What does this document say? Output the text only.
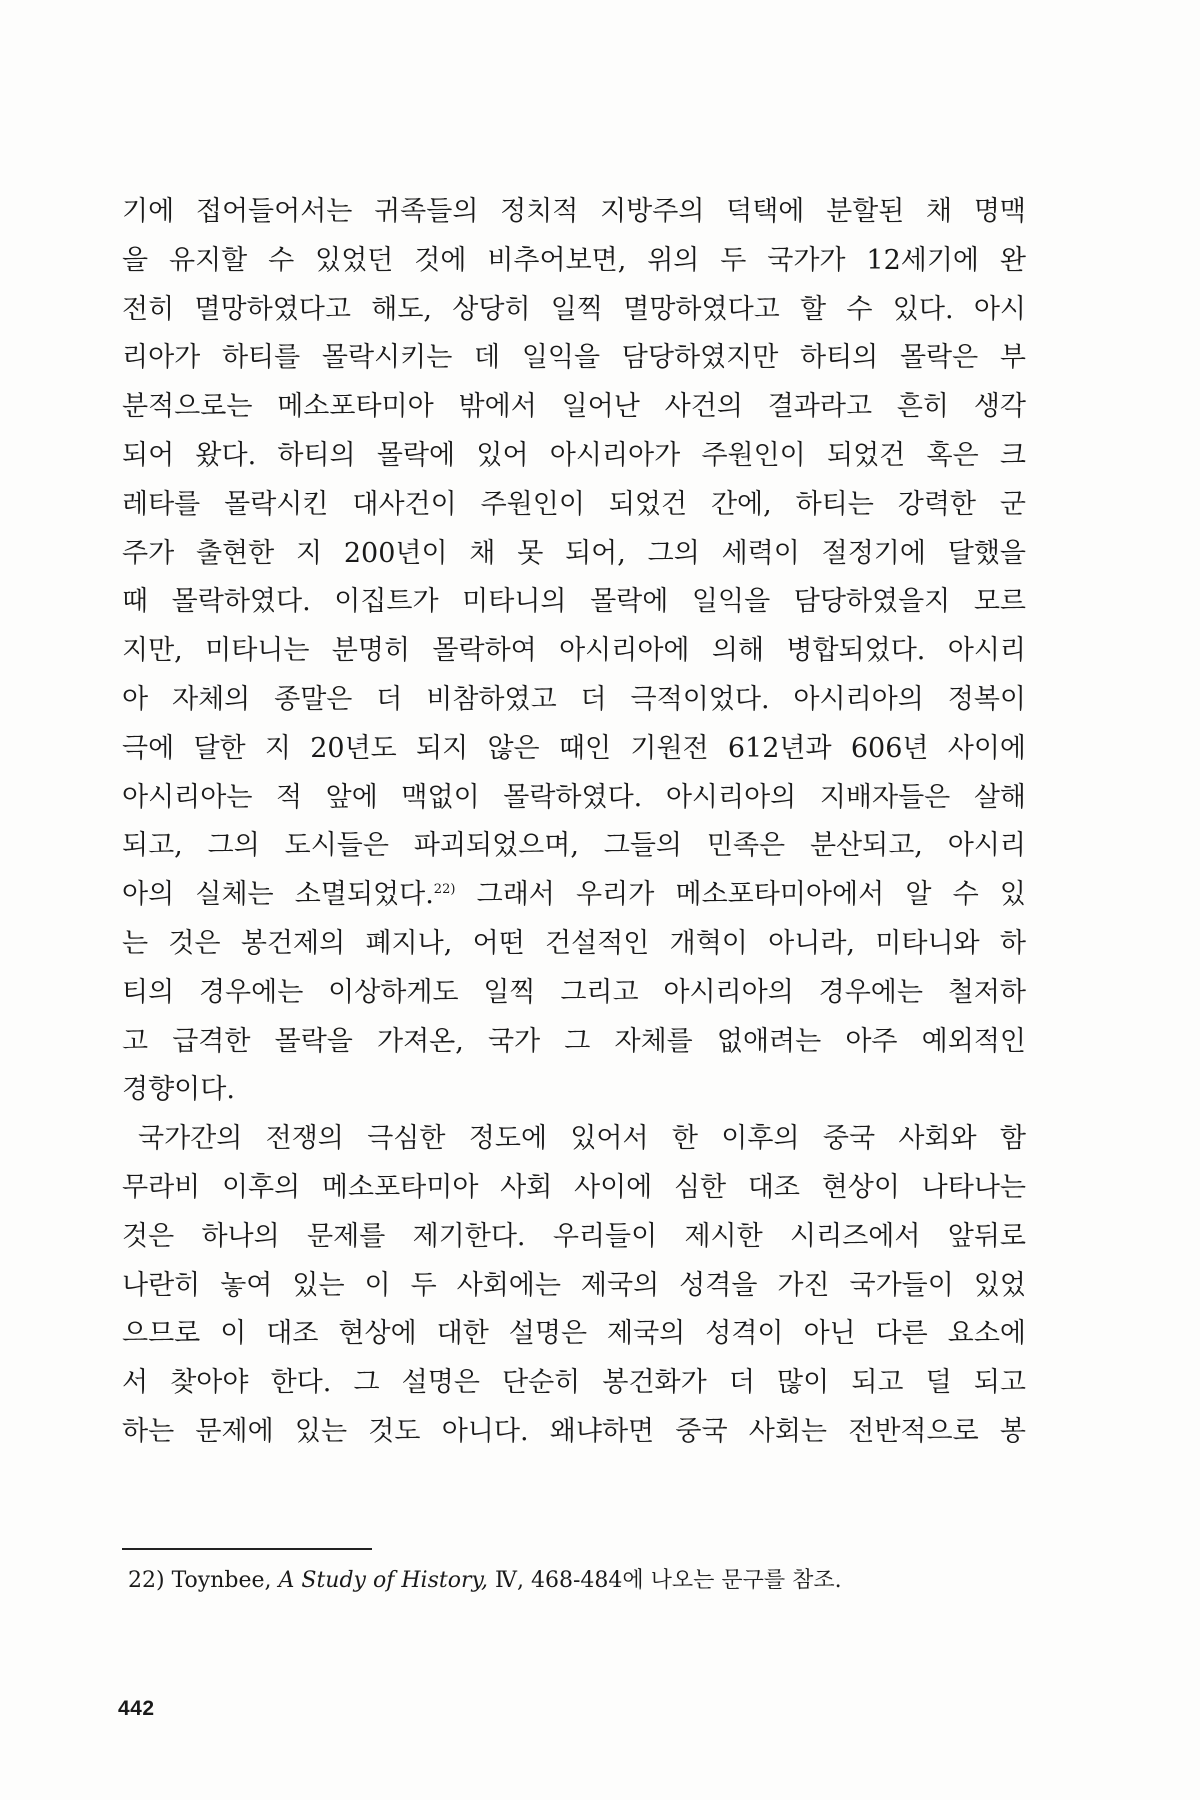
기에 접어들어서는 귀족들의 정치적 지방주의 덕택에 분할된 채 명맥
을 유지할 수 있었던 것에 비추어보면, 위의 두 국가가 12세기에 완
전히 멸망하였다고 해도, 상당히 일찍 멸망하였다고 할 수 있다. 아시
리아가 하티를 몰락시키는 데 일익을 담당하였지만 하티의 몰락은 부
분적으로는 메소포타미아 밖에서 일어난 사건의 결과라고 흔히 생각
되어 왔다. 하티의 몰락에 있어 아시리아가 주원인이 되었건 혹은 크
레타를 몰락시킨 대사건이 주원인이 되었건 간에, 하티는 강력한 군
주가 출현한 지 200년이 채 못 되어, 그의 세력이 절정기에 달했을
때 몰락하였다. 이집트가 미타니의 몰락에 일익을 담당하였을지 모르
지만, 미타니는 분명히 몰락하여 아시리아에 의해 병합되었다. 아시리
아 자체의 종말은 더 비참하였고 더 극적이었다. 아시리아의 정복이
극에 달한 지 20년도 되지 않은 때인 기원전 612년과 606년 사이에
아시리아는 적 앞에 맥없이 몰락하였다. 아시리아의 지배자들은 살해
되고, 그의 도시들은 파괴되었으며, 그들의 민족은 분산되고, 아시리
아의 실체는 소멸되었다.$^{22)}$ 그래서 우리가 메소포타미아에서 알 수 있
는 것은 봉건제의 폐지나, 어떤 건설적인 개혁이 아니라, 미타니와 하
티의 경우에는 이상하게도 일찍 그리고 아시리아의 경우에는 철저하
고 급격한 몰락을 가져온, 국가 그 자체를 없애려는 아주 예외적인
경향이다.
국가간의 전쟁의 극심한 정도에 있어서 한 이후의 중국 사회와 함
무라비 이후의 메소포타미아 사회 사이에 심한 대조 현상이 나타나는
것은 하나의 문제를 제기한다. 우리들이 제시한 시리즈에서 앞뒤로
나란히 놓여 있는 이 두 사회에는 제국의 성격을 가진 국가들이 있었
으므로 이 대조 현상에 대한 설명은 제국의 성격이 아닌 다른 요소에
서 찾아야 한다. 그 설명은 단순히 봉건화가 더 많이 되고 덜 되고
하는 문제에 있는 것도 아니다. 왜냐하면 중국 사회는 전반적으로 봉
22) Toynbee, A Study of History, Ⅳ, 468-484에 나오는 문구를 참조.
442
